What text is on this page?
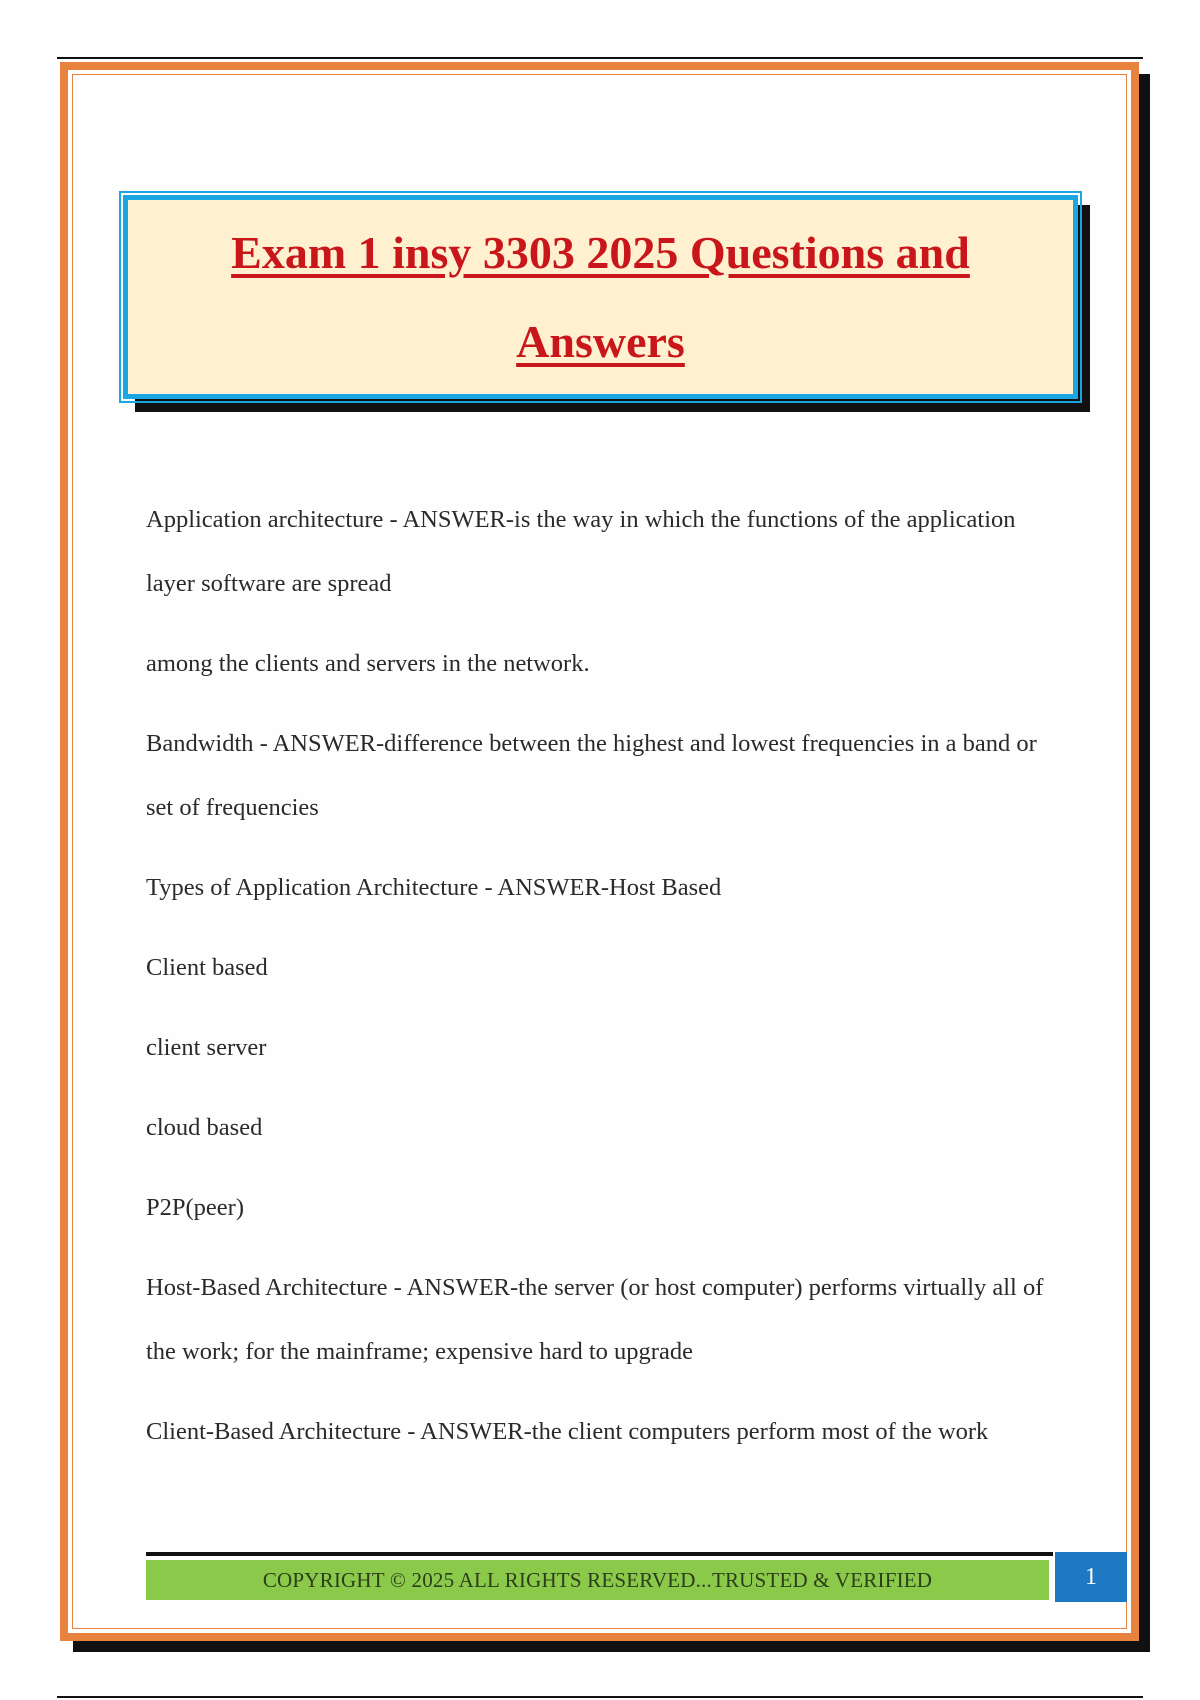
Exam 1 insy 3303 2025 Questions and Answers

Application architecture - ANSWER-is the way in which the functions of the application layer software are spread

among the clients and servers in the network.

Bandwidth - ANSWER-difference between the highest and lowest frequencies in a band or set of frequencies

Types of Application Architecture - ANSWER-Host Based

Client based

client server

cloud based

P2P(peer)

Host-Based Architecture - ANSWER-the server (or host computer) performs virtually all of the work; for the mainframe; expensive hard to upgrade

Client-Based Architecture - ANSWER-the client computers perform most of the work

COPYRIGHT © 2025 ALL RIGHTS RESERVED...TRUSTED & VERIFIED	1
